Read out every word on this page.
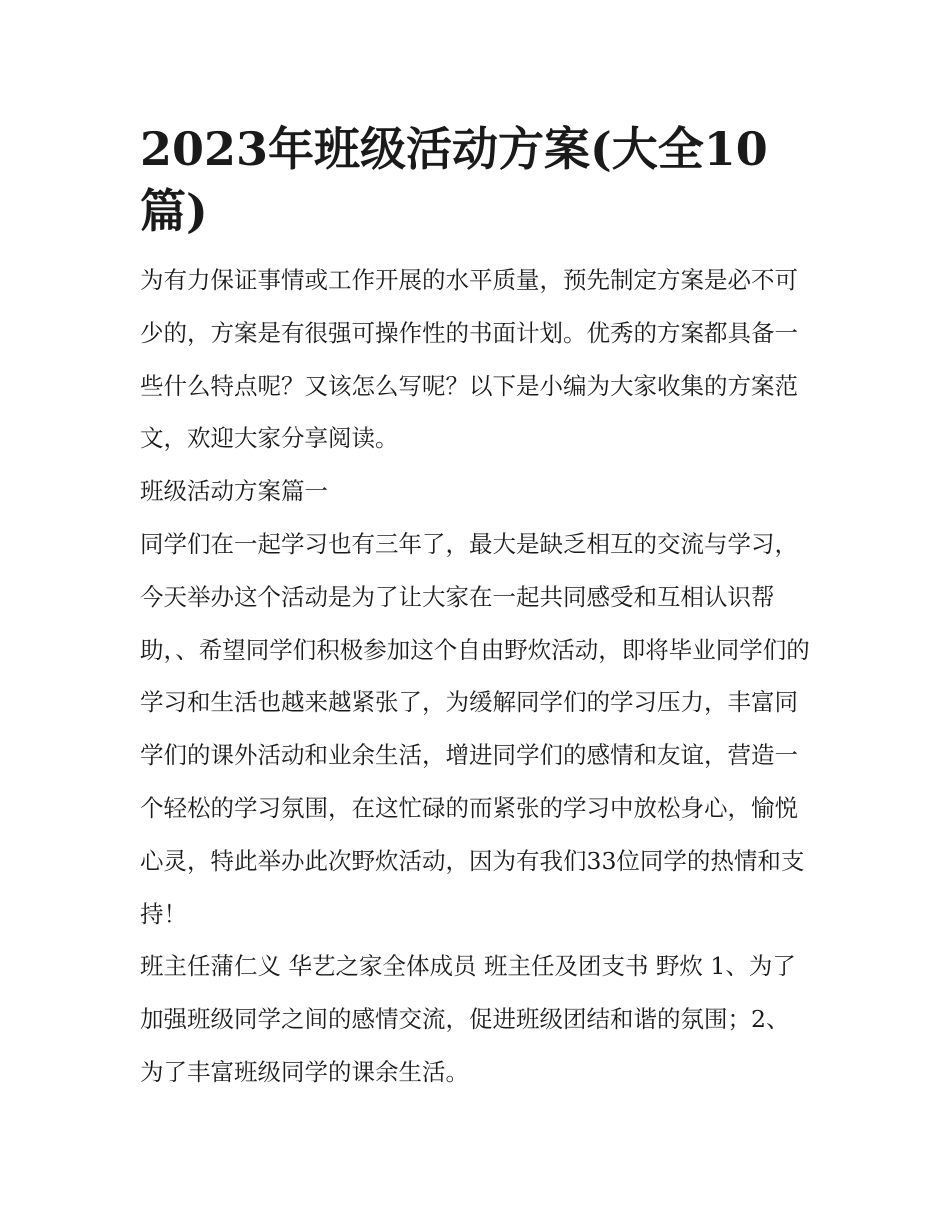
2023年班级活动方案(大全10篇)

为有力保证事情或工作开展的水平质量，预先制定方案是必不可少的，方案是有很强可操作性的书面计划。优秀的方案都具备一些什么特点呢？又该怎么写呢？以下是小编为大家收集的方案范文，欢迎大家分享阅读。

班级活动方案篇一

同学们在一起学习也有三年了，最大是缺乏相互的交流与学习，今天举办这个活动是为了让大家在一起共同感受和互相认识帮助，、希望同学们积极参加这个自由野炊活动，即将毕业同学们的学习和生活也越来越紧张了，为缓解同学们的学习压力，丰富同学们的课外活动和业余生活，增进同学们的感情和友谊，营造一个轻松的学习氛围，在这忙碌的而紧张的学习中放松身心，愉悦心灵，特此举办此次野炊活动，因为有我们33位同学的热情和支持！

班主任蒲仁义 华艺之家全体成员 班主任及团支书 野炊 1、为了加强班级同学之间的感情交流，促进班级团结和谐的氛围；2、为了丰富班级同学的课余生活。
